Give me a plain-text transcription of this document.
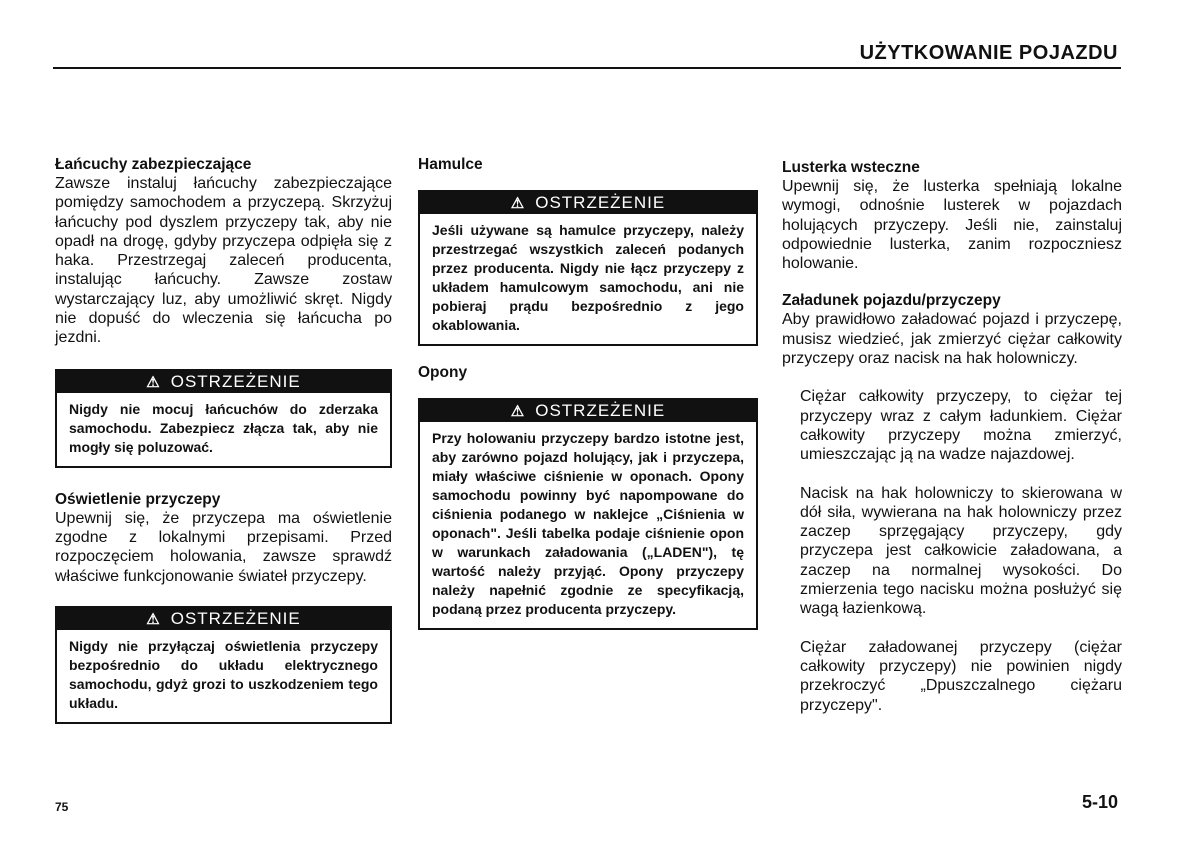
UŻYTKOWANIE POJAZDU
Łańcuchy zabezpieczające

Zawsze instaluj łańcuchy zabezpieczające pomiędzy samochodem a przyczepą. Skrzyżuj łańcuchy pod dyszlem przyczepy tak, aby nie opadł na drogę, gdyby przyczepa odpięła się z haka. Przestrzegaj zaleceń producenta, instalując łańcuchy. Zawsze zostaw wystarczający luz, aby umożliwić skręt. Nigdy nie dopuść do wleczenia się łańcucha po jezdni.

⚠ OSTRZEŻENIE
Nigdy nie mocuj łańcuchów do zderzaka samochodu. Zabezpiecz złącza tak, aby nie mogły się poluzować.
Oświetlenie przyczepy

Upewnij się, że przyczepa ma oświetlenie zgodne z lokalnymi przepisami. Przed rozpoczęciem holowania, zawsze sprawdź właściwe funkcjonowanie świateł przyczepy.

⚠ OSTRZEŻENIE
Nigdy nie przyłączaj oświetlenia przyczepy bezpośrednio do układu elektrycznego samochodu, gdyż grozi to uszkodzeniem tego układu.
Hamulce
⚠ OSTRZEŻENIE
Jeśli używane są hamulce przyczepy, należy przestrzegać wszystkich zaleceń podanych przez producenta. Nigdy nie łącz przyczepy z układem hamulcowym samochodu, ani nie pobieraj prądu bezpośrednio z jego okablowania.
Opony
⚠ OSTRZEŻENIE
Przy holowaniu przyczepy bardzo istotne jest, aby zarówno pojazd holujący, jak i przyczepa, miały właściwe ciśnienie w oponach. Opony samochodu powinny być napompowane do ciśnienia podanego w naklejce „Ciśnienia w oponach". Jeśli tabelka podaje ciśnienie opon w warunkach załadowania („LADEN"), tę wartość należy przyjąć. Opony przyczepy należy napełnić zgodnie ze specyfikacją, podaną przez producenta przyczepy.
Lusterka wsteczne

Upewnij się, że lusterka spełniają lokalne wymogi, odnośnie lusterek w pojazdach holujących przyczepy. Jeśli nie, zainstaluj odpowiednie lusterka, zanim rozpoczniesz holowanie.

Załadunek pojazdu/przyczepy

Aby prawidłowo załadować pojazd i przyczepę, musisz wiedzieć, jak zmierzyć ciężar całkowity przyczepy oraz nacisk na hak holowniczy.

Ciężar całkowity przyczepy, to ciężar tej przyczepy wraz z całym ładunkiem. Ciężar całkowity przyczepy można zmierzyć, umieszczając ją na wadze najazdowej.

Nacisk na hak holowniczy to skierowana w dół siła, wywierana na hak holowniczy przez zaczep sprzęgający przyczepy, gdy przyczepa jest całkowicie załadowana, a zaczep na normalnej wysokości. Do zmierzenia tego nacisku można posłużyć się wagą łazienkową.

Ciężar załadowanej przyczepy (ciężar całkowity przyczepy) nie powinien nigdy przekroczyć „Dpuszczalnego ciężaru przyczepy".

75	5-10
